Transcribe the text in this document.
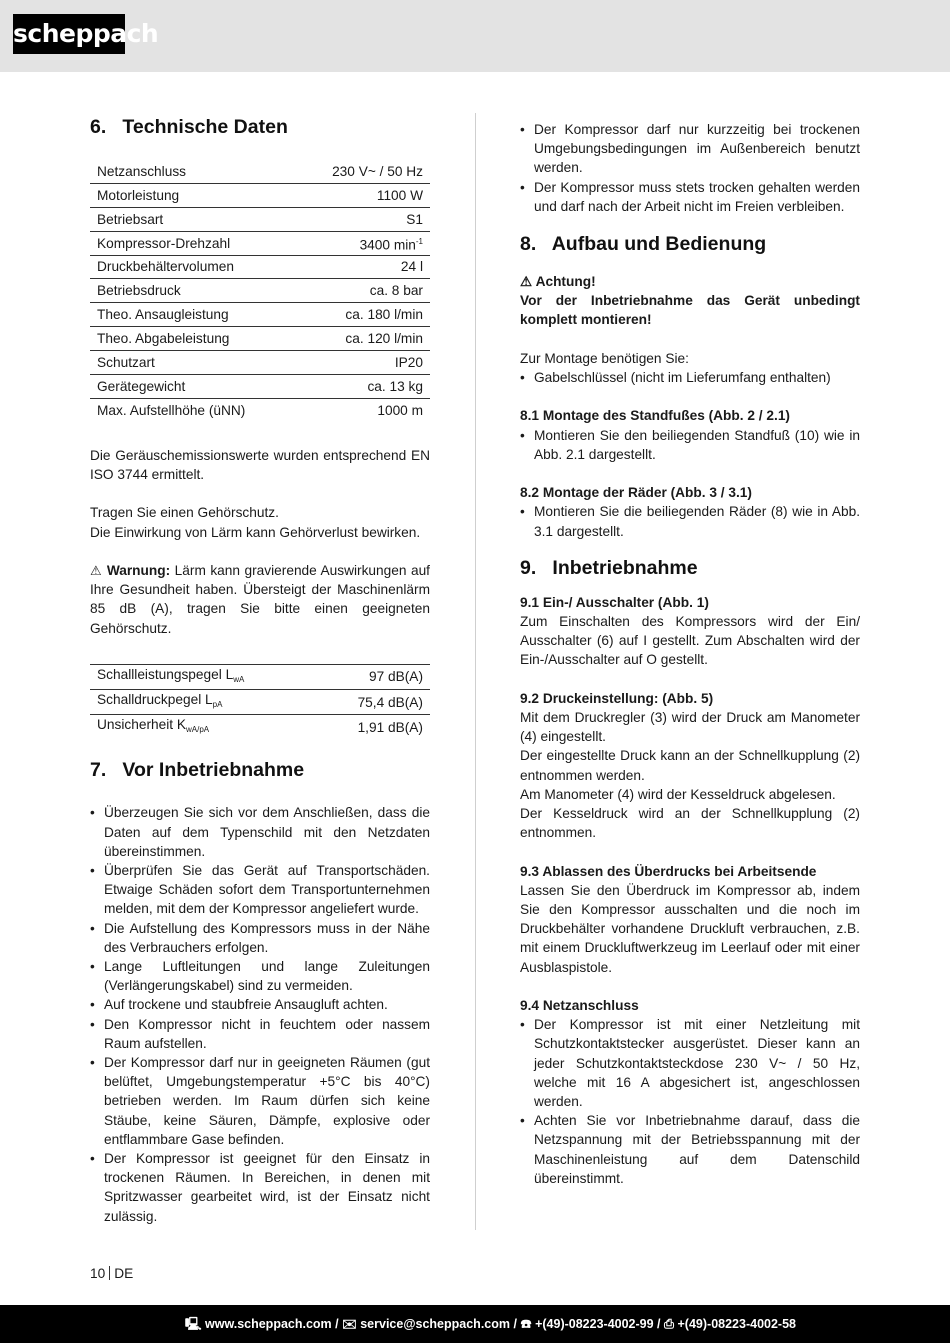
scheppach
6. Technische Daten
Netzanschluss	230 V~ / 50 Hz
Motorleistung	1100 W
Betriebsart	S1
Kompressor-Drehzahl	3400 $\min^{-1}$
Druckbehältervolumen	24 l
Betriebsdruck	ca. 8 bar
Theo. Ansaugleistung	ca. 180 l/min
Theo. Abgabeleistung	ca. 120 l/min
Schutzart	IP20
Gerätegewicht	ca. 13 kg
Max. Aufstellhöhe (üNN)	1000 m

Die Geräuschemissionswerte wurden entsprechend EN ISO 3744 ermittelt.

Tragen Sie einen Gehörschutz.

Die Einwirkung von Lärm kann Gehörverlust bewirken.

⚠ Warnung: Lärm kann gravierende Auswirkungen auf Ihre Gesundheit haben. Übersteigt der Maschinenlärm 85 dB (A), tragen Sie bitte einen geeigneten Gehörschutz.

Schallleistungspegel $L_{wA}$	97 dB(A)
Schalldruckpegel $L_{pA}$	75,4 dB(A)
Unsicherheit $K_{wA/pA}$	1,91 dB(A)
7. Vor Inbetriebnahme
• Überzeugen Sie sich vor dem Anschließen, dass die Daten auf dem Typenschild mit den Netzdaten übereinstimmen.
• Überprüfen Sie das Gerät auf Transportschäden. Etwaige Schäden sofort dem Transportunternehmen melden, mit dem der Kompressor angeliefert wurde.
• Die Aufstellung des Kompressors muss in der Nähe des Verbrauchers erfolgen.
• Lange Luftleitungen und lange Zuleitungen (Verlängerungskabel) sind zu vermeiden.
• Auf trockene und staubfreie Ansaugluft achten.
• Den Kompressor nicht in feuchtem oder nassem Raum aufstellen.
• Der Kompressor darf nur in geeigneten Räumen (gut belüftet, Umgebungstemperatur +5°C bis 40°C) betrieben werden. Im Raum dürfen sich keine Stäube, keine Säuren, Dämpfe, explosive oder entflammbare Gase befinden.
• Der Kompressor ist geeignet für den Einsatz in trockenen Räumen. In Bereichen, in denen mit Spritzwasser gearbeitet wird, ist der Einsatz nicht zulässig.
• Der Kompressor darf nur kurzzeitig bei trockenen Umgebungsbedingungen im Außenbereich benutzt werden.
• Der Kompressor muss stets trocken gehalten werden und darf nach der Arbeit nicht im Freien verbleiben.
8. Aufbau und Bedienung

⚠ Achtung!

Vor der Inbetriebnahme das Gerät unbedingt komplett montieren!

Zur Montage benötigen Sie:

• Gabelschlüssel (nicht im Lieferumfang enthalten)
8.1 Montage des Standfußes (Abb. 2 / 2.1)
• Montieren Sie den beiliegenden Standfuß (10) wie in Abb. 2.1 dargestellt.
8.2 Montage der Räder (Abb. 3 / 3.1)
• Montieren Sie die beiliegenden Räder (8) wie in Abb. 3.1 dargestellt.
9. Inbetriebnahme
9.1 Ein-/ Ausschalter (Abb. 1)

Zum Einschalten des Kompressors wird der Ein/ Ausschalter (6) auf I gestellt. Zum Abschalten wird der Ein-/Ausschalter auf O gestellt.

9.2 Druckeinstellung: (Abb. 5)

Mit dem Druckregler (3) wird der Druck am Manometer (4) eingestellt.

Der eingestellte Druck kann an der Schnellkupplung (2) entnommen werden.

Am Manometer (4) wird der Kesseldruck abgelesen.

Der Kesseldruck wird an der Schnellkupplung (2) entnommen.

9.3 Ablassen des Überdrucks bei Arbeitsende

Lassen Sie den Überdruck im Kompressor ab, indem Sie den Kompressor ausschalten und die noch im Druckbehälter vorhandene Druckluft verbrauchen, z.B. mit einem Druckluftwerkzeug im Leerlauf oder mit einer Ausblaspistole.

9.4 Netzanschluss
• Der Kompressor ist mit einer Netzleitung mit Schutzkontaktstecker ausgerüstet. Dieser kann an jeder Schutzkontaktsteckdose 230 V~ / 50 Hz, welche mit 16 A abgesichert ist, angeschlossen werden.
• Achten Sie vor Inbetriebnahme darauf, dass die Netzspannung mit der Betriebsspannung mit der Maschinenleistung auf dem Datenschild übereinstimmt.
10 DE
🖳 www.scheppach.com / ✉ service@scheppach.com / ☎ +(49)-08223-4002-99 / ⎙ +(49)-08223-4002-58
